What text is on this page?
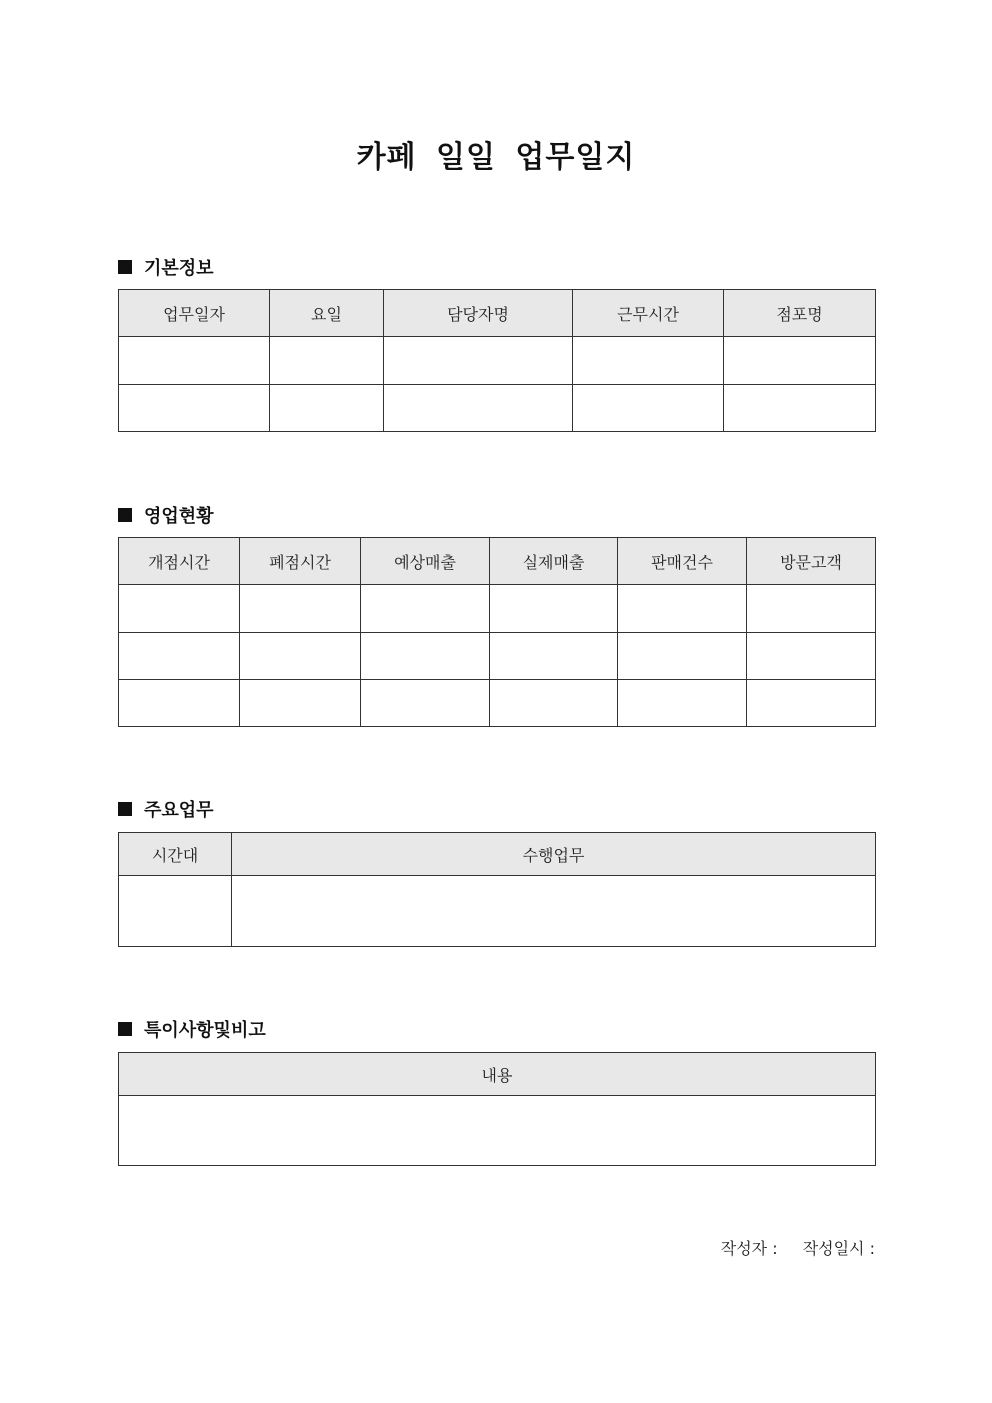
카페 일일 업무일지
기본정보
업무일자	요일	담당자명	근무시간	점포명

영업현황
개점시간	폐점시간	예상매출	실제매출	판매건수	방문고객

주요업무
시간대	수행업무

특이사항및비고
내용

작성자 : 작성일시 :
